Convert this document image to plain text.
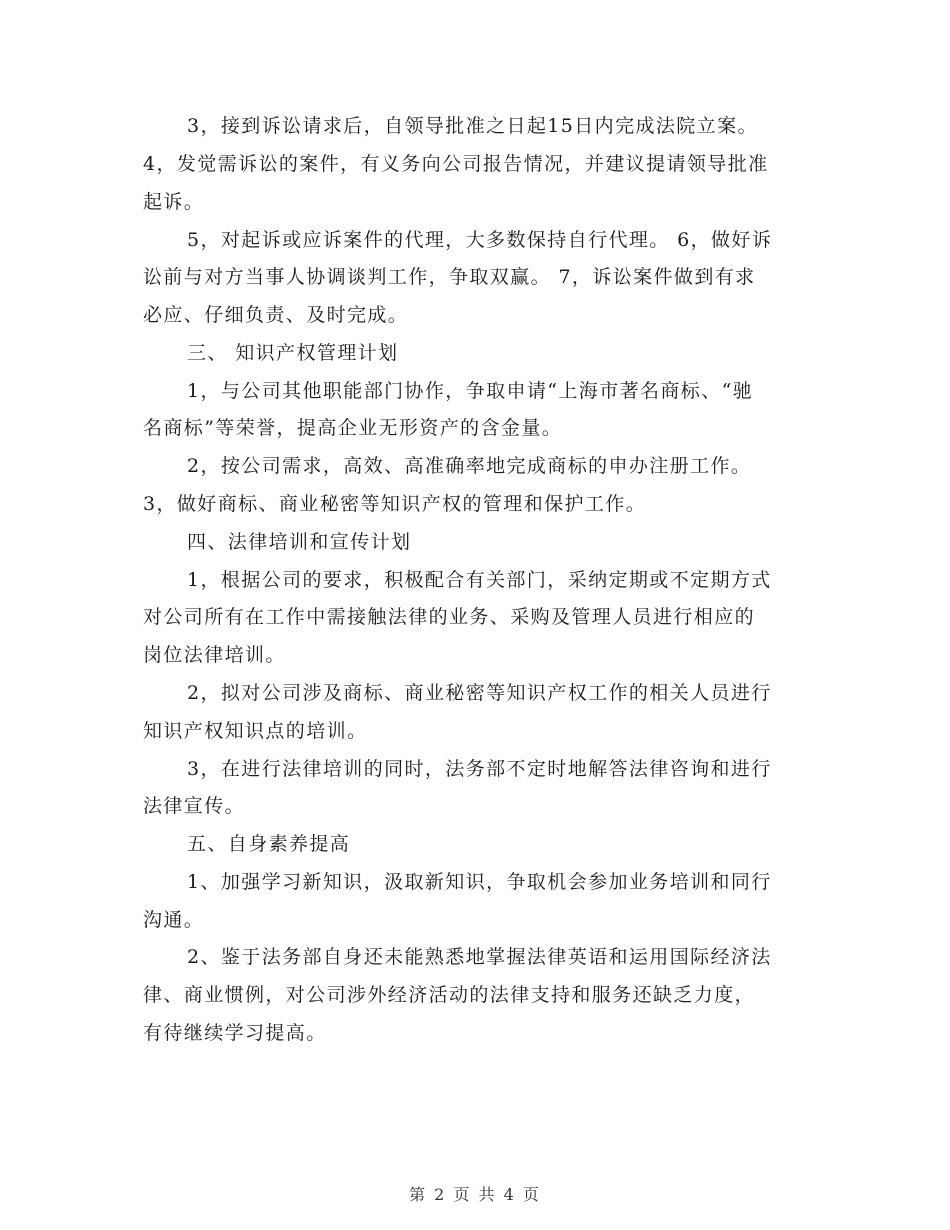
3，接到诉讼请求后，自领导批准之日起15日内完成法院立案。
4，发觉需诉讼的案件，有义务向公司报告情况，并建议提请领导批准
起诉。
5，对起诉或应诉案件的代理，大多数保持自行代理。 6，做好诉
讼前与对方当事人协调谈判工作，争取双赢。 7，诉讼案件做到有求
必应、仔细负责、及时完成。
三、 知识产权管理计划
1，与公司其他职能部门协作，争取申请“上海市著名商标、“驰
名商标”等荣誉，提高企业无形资产的含金量。
2，按公司需求，高效、高准确率地完成商标的申办注册工作。
3，做好商标、商业秘密等知识产权的管理和保护工作。
四、法律培训和宣传计划
1，根据公司的要求，积极配合有关部门，采纳定期或不定期方式
对公司所有在工作中需接触法律的业务、采购及管理人员进行相应的
岗位法律培训。
2，拟对公司涉及商标、商业秘密等知识产权工作的相关人员进行
知识产权知识点的培训。
3，在进行法律培训的同时，法务部不定时地解答法律咨询和进行
法律宣传。
五、自身素养提高
1、加强学习新知识，汲取新知识，争取机会参加业务培训和同行
沟通。
2、鉴于法务部自身还未能熟悉地掌握法律英语和运用国际经济法
律、商业惯例，对公司涉外经济活动的法律支持和服务还缺乏力度，
有待继续学习提高。
第 2 页 共 4 页
